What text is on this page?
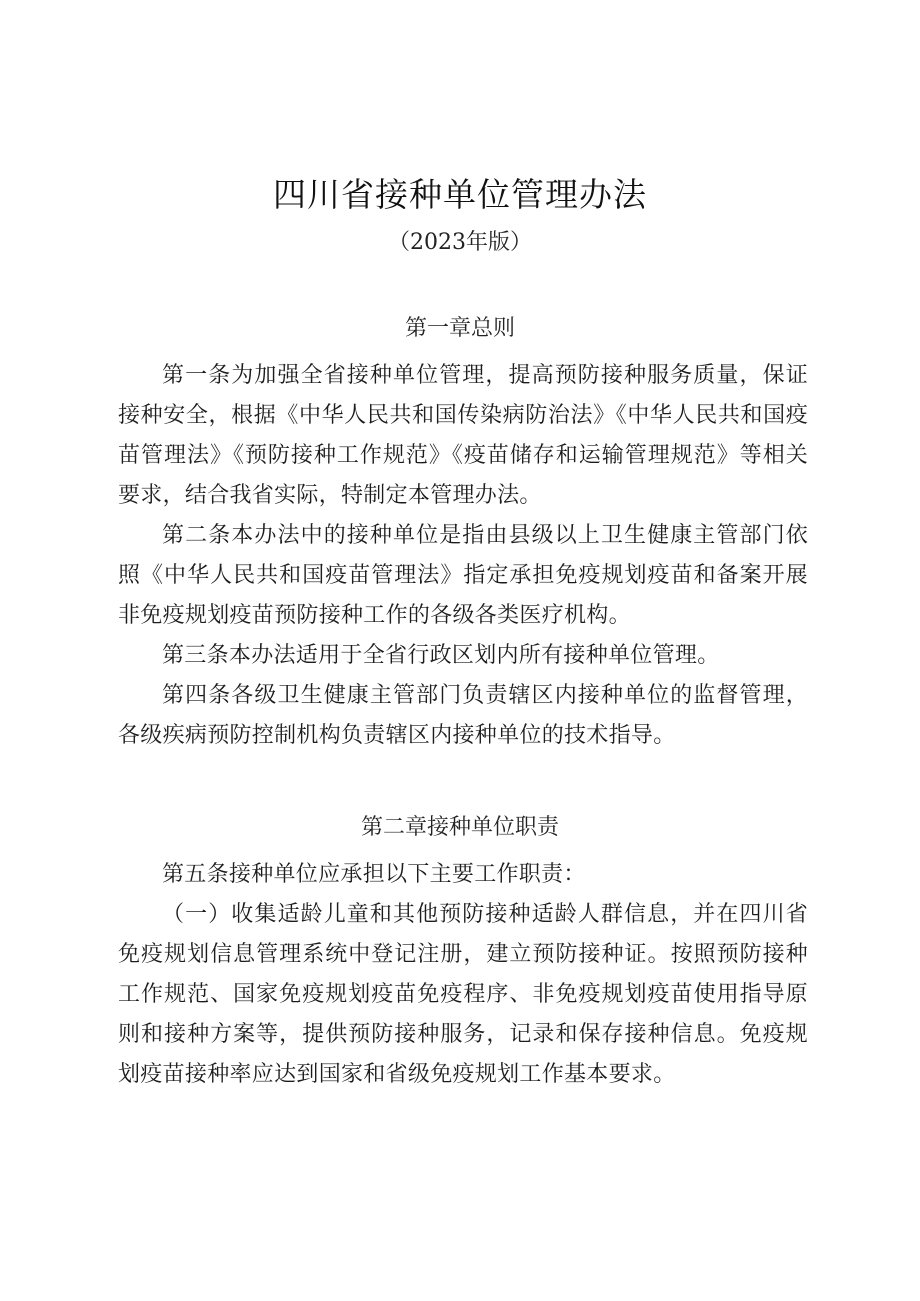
四川省接种单位管理办法
（2023年版）
第一章总则
第一条为加强全省接种单位管理，提高预防接种服务质量，保证接种安全，根据《中华人民共和国传染病防治法》《中华人民共和国疫苗管理法》《预防接种工作规范》《疫苗储存和运输管理规范》等相关要求，结合我省实际，特制定本管理办法。
第二条本办法中的接种单位是指由县级以上卫生健康主管部门依照《中华人民共和国疫苗管理法》指定承担免疫规划疫苗和备案开展非免疫规划疫苗预防接种工作的各级各类医疗机构。
第三条本办法适用于全省行政区划内所有接种单位管理。
第四条各级卫生健康主管部门负责辖区内接种单位的监督管理，各级疾病预防控制机构负责辖区内接种单位的技术指导。
第二章接种单位职责
第五条接种单位应承担以下主要工作职责：
（一）收集适龄儿童和其他预防接种适龄人群信息，并在四川省免疫规划信息管理系统中登记注册，建立预防接种证。按照预防接种工作规范、国家免疫规划疫苗免疫程序、非免疫规划疫苗使用指导原则和接种方案等，提供预防接种服务，记录和保存接种信息。免疫规划疫苗接种率应达到国家和省级免疫规划工作基本要求。
